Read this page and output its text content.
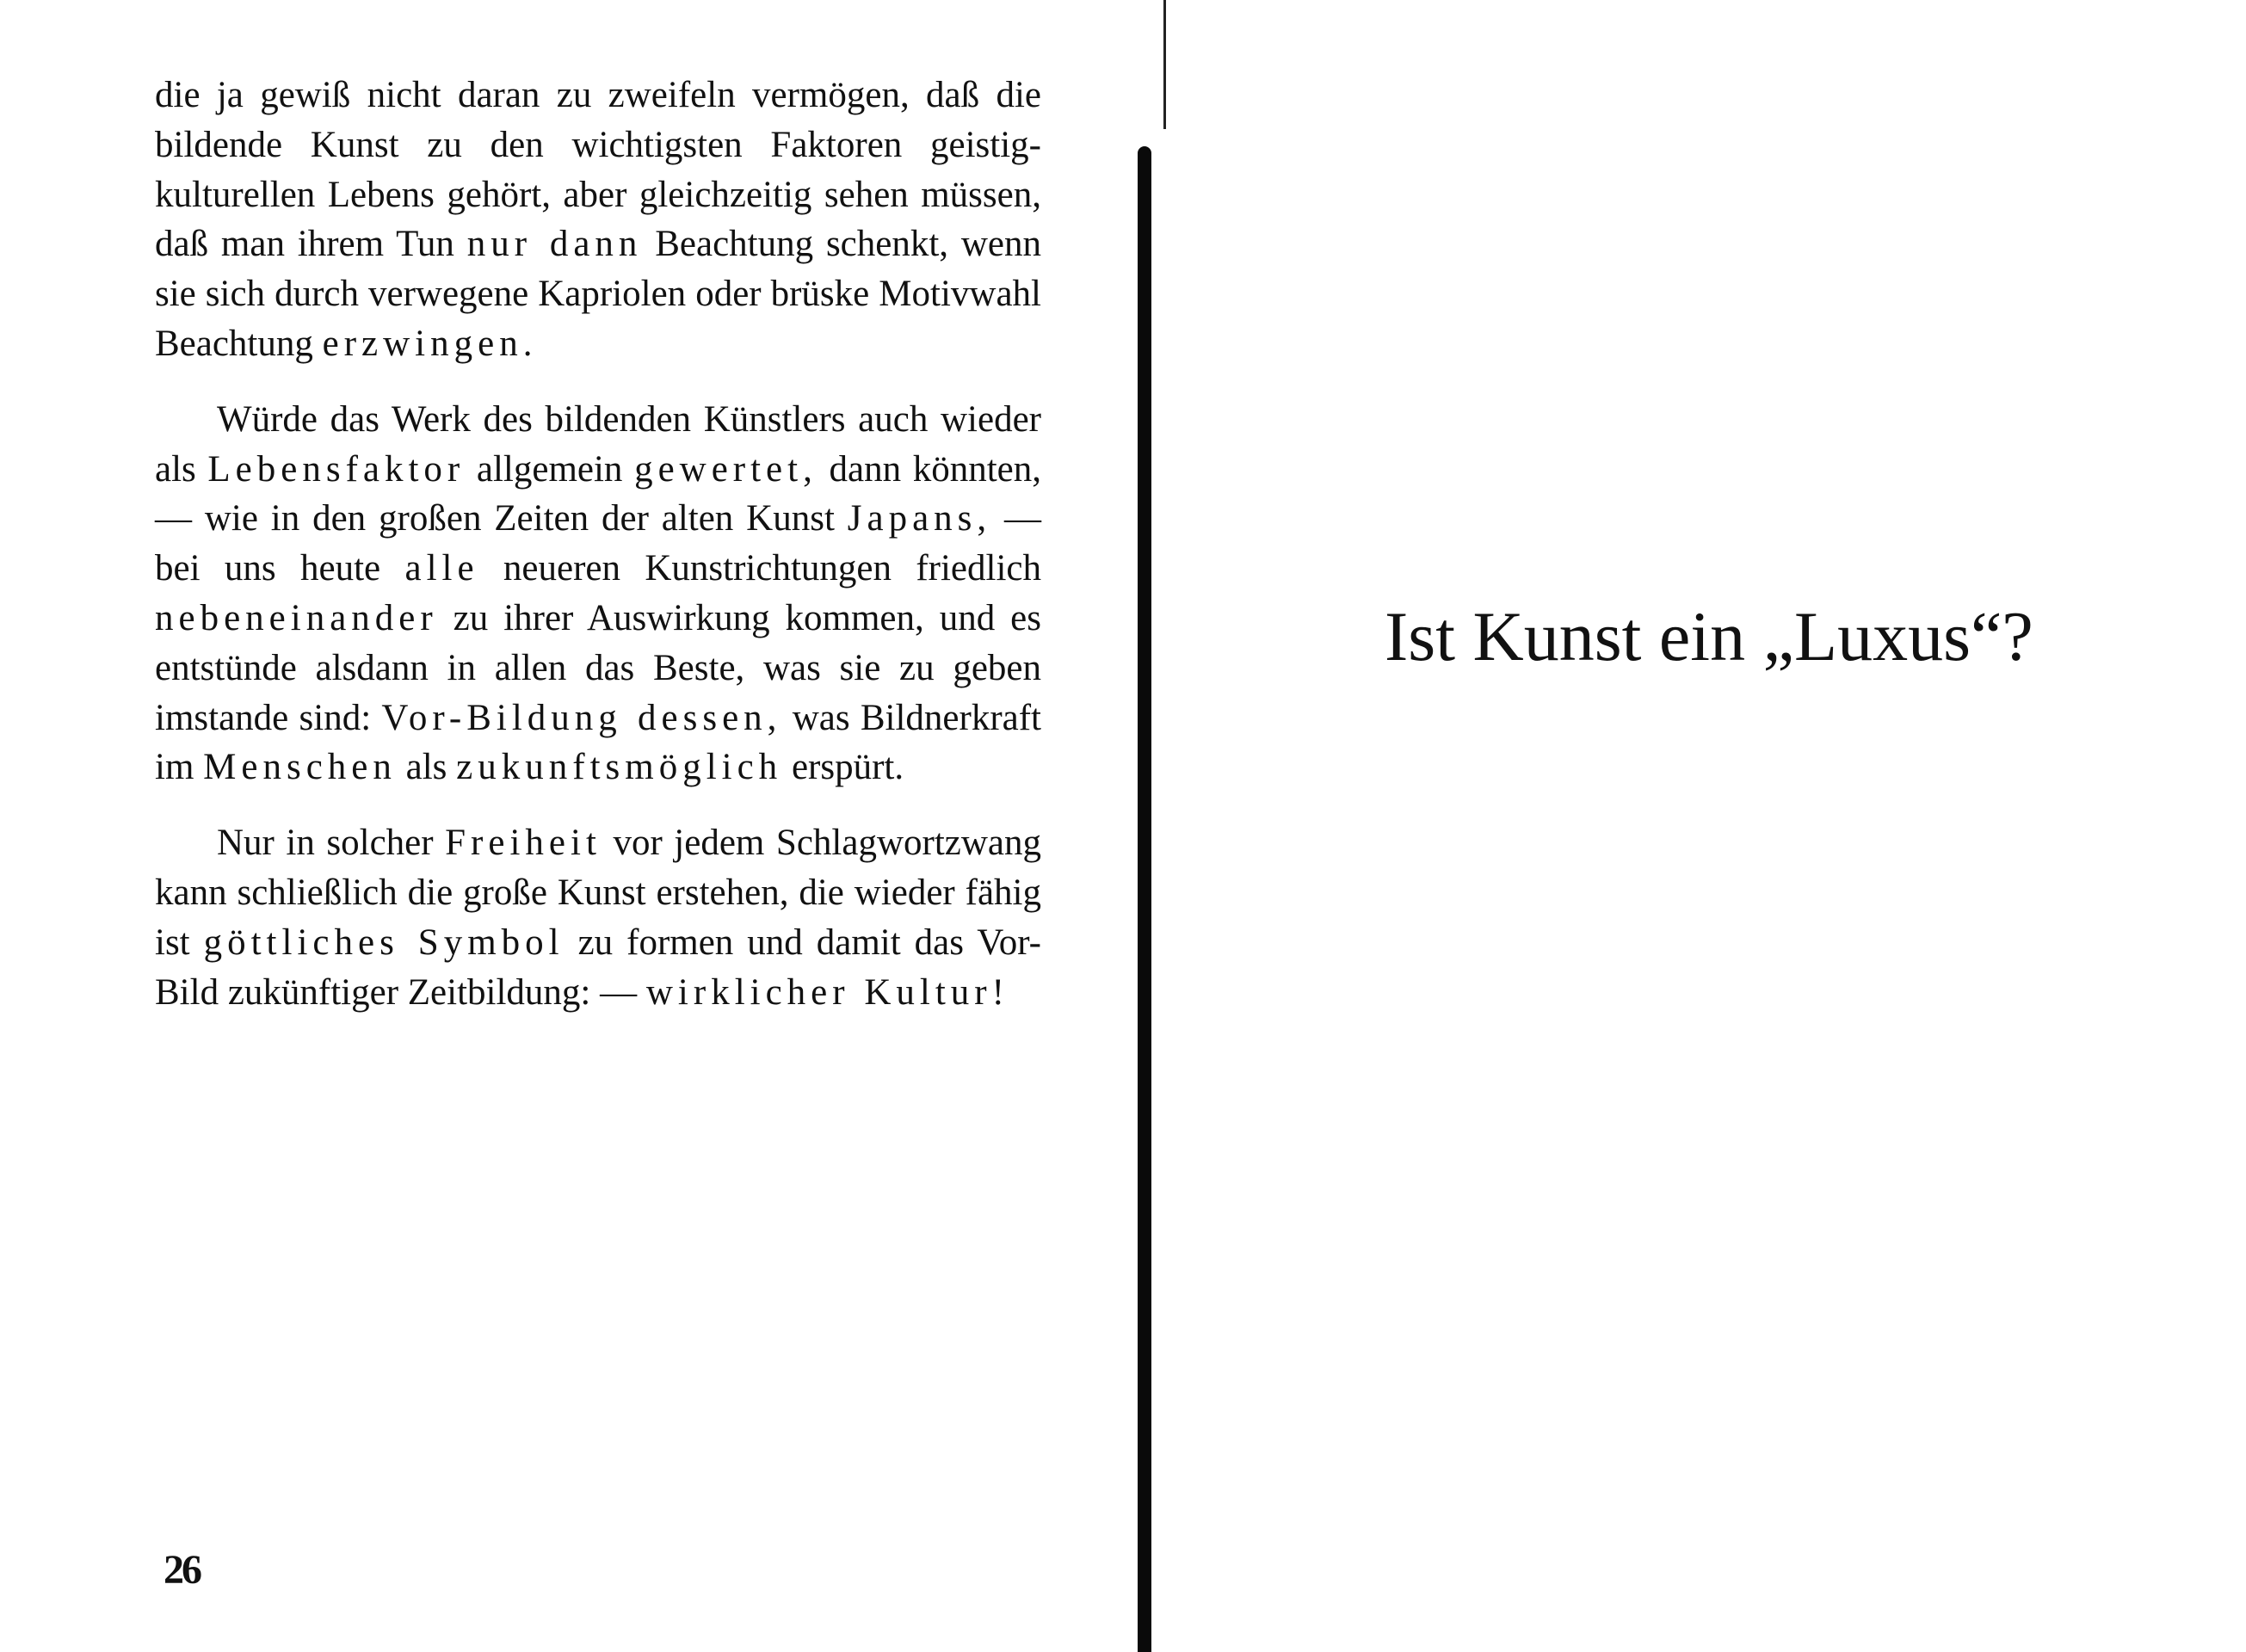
die ja gewiß nicht daran zu zweifeln vermögen, daß die bildende Kunst zu den wichtigsten Faktoren geistig-kulturellen Lebens gehört, aber gleichzeitig sehen müssen, daß man ihrem Tun nur dann Beachtung schenkt, wenn sie sich durch verwegene Kapriolen oder brüske Motivwahl Beachtung erzwingen.

Würde das Werk des bildenden Künstlers auch wieder als Lebensfaktor allgemein gewertet, dann könnten, — wie in den großen Zeiten der alten Kunst Japans, — bei uns heute alle neueren Kunstrichtungen friedlich nebeneinander zu ihrer Auswirkung kommen, und es entstünde alsdann in allen das Beste, was sie zu geben imstande sind: Vor-Bildung dessen, was Bildnerkraft im Menschen als zukunftsmöglich erspürt.

Nur in solcher Freiheit vor jedem Schlagwortzwang kann schließlich die große Kunst erstehen, die wieder fähig ist göttliches Symbol zu formen und damit das Vor-Bild zukünftiger Zeitbildung: — wirklicher Kultur!

26
Ist Kunst ein „Luxus“?
